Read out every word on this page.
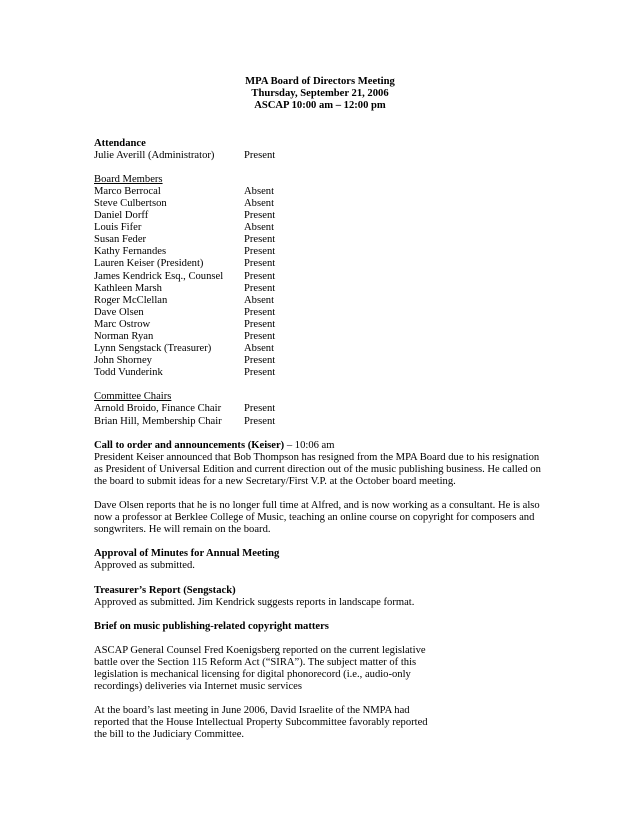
MPA Board of Directors Meeting
Thursday, September 21, 2006
ASCAP 10:00 am – 12:00 pm
Attendance
Julie Averill (Administrator)	Present
Board Members
Marco Berrocal	Absent
Steve Culbertson	Absent
Daniel Dorff	Present
Louis Fifer	Absent
Susan Feder	Present
Kathy Fernandes	Present
Lauren Keiser (President)	Present
James Kendrick Esq., Counsel	Present
Kathleen Marsh	Present
Roger McClellan	Absent
Dave Olsen	Present
Marc Ostrow	Present
Norman Ryan	Present
Lynn Sengstack (Treasurer)	Absent
John Shorney	Present
Todd Vunderink	Present
Committee Chairs
Arnold Broido, Finance Chair	Present
Brian Hill, Membership Chair	Present
Call to order and announcements (Keiser) – 10:06 am

President Keiser announced that Bob Thompson has resigned from the MPA Board due to his resignation as President of Universal Edition and current direction out of the music publishing business. He called on the board to submit ideas for a new Secretary/First V.P. at the October board meeting.

Dave Olsen reports that he is no longer full time at Alfred, and is now working as a consultant. He is also now a professor at Berklee College of Music, teaching an online course on copyright for composers and songwriters. He will remain on the board.

Approval of Minutes for Annual Meeting

Approved as submitted.

Treasurer’s Report (Sengstack)

Approved as submitted. Jim Kendrick suggests reports in landscape format.

Brief on music publishing-related copyright matters

ASCAP General Counsel Fred Koenigsberg reported on the current legislative battle over the Section 115 Reform Act (“SIRA”). The subject matter of this legislation is mechanical licensing for digital phonorecord (i.e., audio-only recordings) deliveries via Internet music services

At the board’s last meeting in June 2006, David Israelite of the NMPA had reported that the House Intellectual Property Subcommittee favorably reported the bill to the Judiciary Committee.
